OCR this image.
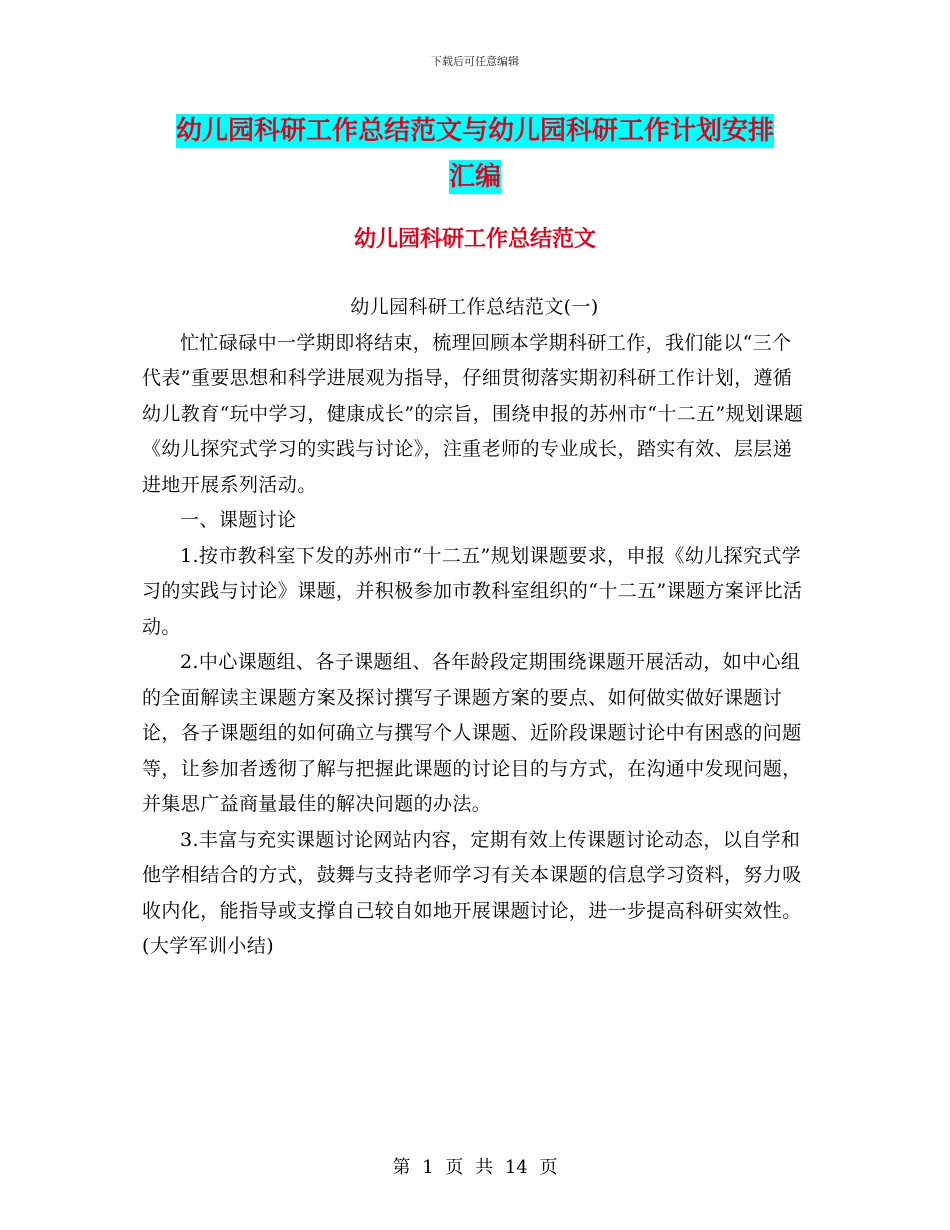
下载后可任意编辑
幼儿园科研工作总结范文与幼儿园科研工作计划安排
汇编
幼儿园科研工作总结范文

幼儿园科研工作总结范文(一)

忙忙碌碌中一学期即将结束，梳理回顾本学期科研工作，我们能以“三个代表”重要思想和科学进展观为指导，仔细贯彻落实期初科研工作计划，遵循幼儿教育“玩中学习，健康成长”的宗旨，围绕申报的苏州市“十二五”规划课题《幼儿探究式学习的实践与讨论》，注重老师的专业成长，踏实有效、层层递进地开展系列活动。

一、课题讨论

1.按市教科室下发的苏州市“十二五”规划课题要求，申报《幼儿探究式学习的实践与讨论》课题，并积极参加市教科室组织的“十二五”课题方案评比活动。

2.中心课题组、各子课题组、各年龄段定期围绕课题开展活动，如中心组的全面解读主课题方案及探讨撰写子课题方案的要点、如何做实做好课题讨论，各子课题组的如何确立与撰写个人课题、近阶段课题讨论中有困惑的问题等，让参加者透彻了解与把握此课题的讨论目的与方式，在沟通中发现问题，并集思广益商量最佳的解决问题的办法。

3.丰富与充实课题讨论网站内容，定期有效上传课题讨论动态，以自学和他学相结合的方式，鼓舞与支持老师学习有关本课题的信息学习资料，努力吸收内化，能指导或支撑自己较自如地开展课题讨论，进一步提高科研实效性。(大学军训小结)

第 1 页 共 14 页
